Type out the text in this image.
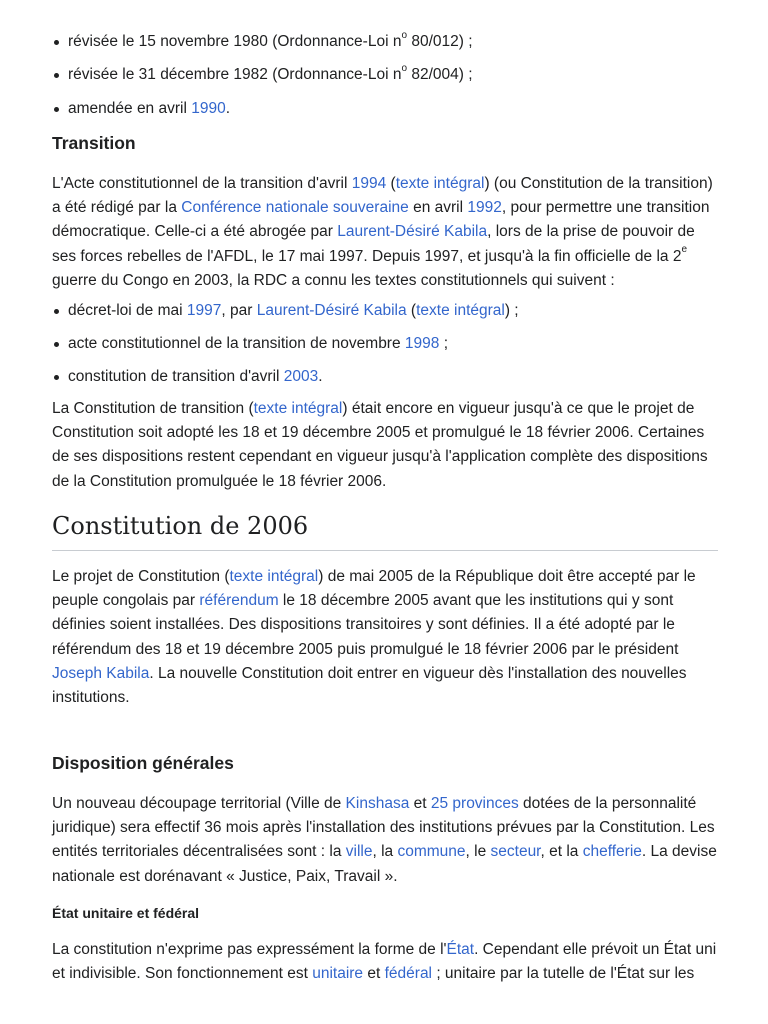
révisée le 15 novembre 1980 (Ordonnance-Loi $n^o$ 80/012) ;
révisée le 31 décembre 1982 (Ordonnance-Loi $n^o$ 82/004) ;
amendée en avril 1990.
Transition

L'Acte constitutionnel de la transition d'avril 1994 (texte intégral) (ou Constitution de la transition) a été rédigé par la Conférence nationale souveraine en avril 1992, pour permettre une transition démocratique. Celle-ci a été abrogée par Laurent-Désiré Kabila, lors de la prise de pouvoir de ses forces rebelles de l'AFDL, le 17 mai 1997. Depuis 1997, et jusqu'à la fin officielle de la 2e guerre du Congo en 2003, la RDC a connu les textes constitutionnels qui suivent :

décret-loi de mai 1997, par Laurent-Désiré Kabila (texte intégral) ;
acte constitutionnel de la transition de novembre 1998 ;
constitution de transition d'avril 2003.

La Constitution de transition (texte intégral) était encore en vigueur jusqu'à ce que le projet de Constitution soit adopté les 18 et 19 décembre 2005 et promulgué le 18 février 2006. Certaines de ses dispositions restent cependant en vigueur jusqu'à l'application complète des dispositions de la Constitution promulguée le 18 février 2006.

Constitution de 2006

Le projet de Constitution (texte intégral) de mai 2005 de la République doit être accepté par le peuple congolais par référendum le 18 décembre 2005 avant que les institutions qui y sont définies soient installées. Des dispositions transitoires y sont définies. Il a été adopté par le référendum des 18 et 19 décembre 2005 puis promulgué le 18 février 2006 par le président Joseph Kabila. La nouvelle Constitution doit entrer en vigueur dès l'installation des nouvelles institutions.

Disposition générales

Un nouveau découpage territorial (Ville de Kinshasa et 25 provinces dotées de la personnalité juridique) sera effectif 36 mois après l'installation des institutions prévues par la Constitution. Les entités territoriales décentralisées sont : la ville, la commune, le secteur, et la chefferie. La devise nationale est dorénavant « Justice, Paix, Travail ».

État unitaire et fédéral

La constitution n'exprime pas expressément la forme de l'État. Cependant elle prévoit un État uni et indivisible. Son fonctionnement est unitaire et fédéral ; unitaire par la tutelle de l'État sur les
